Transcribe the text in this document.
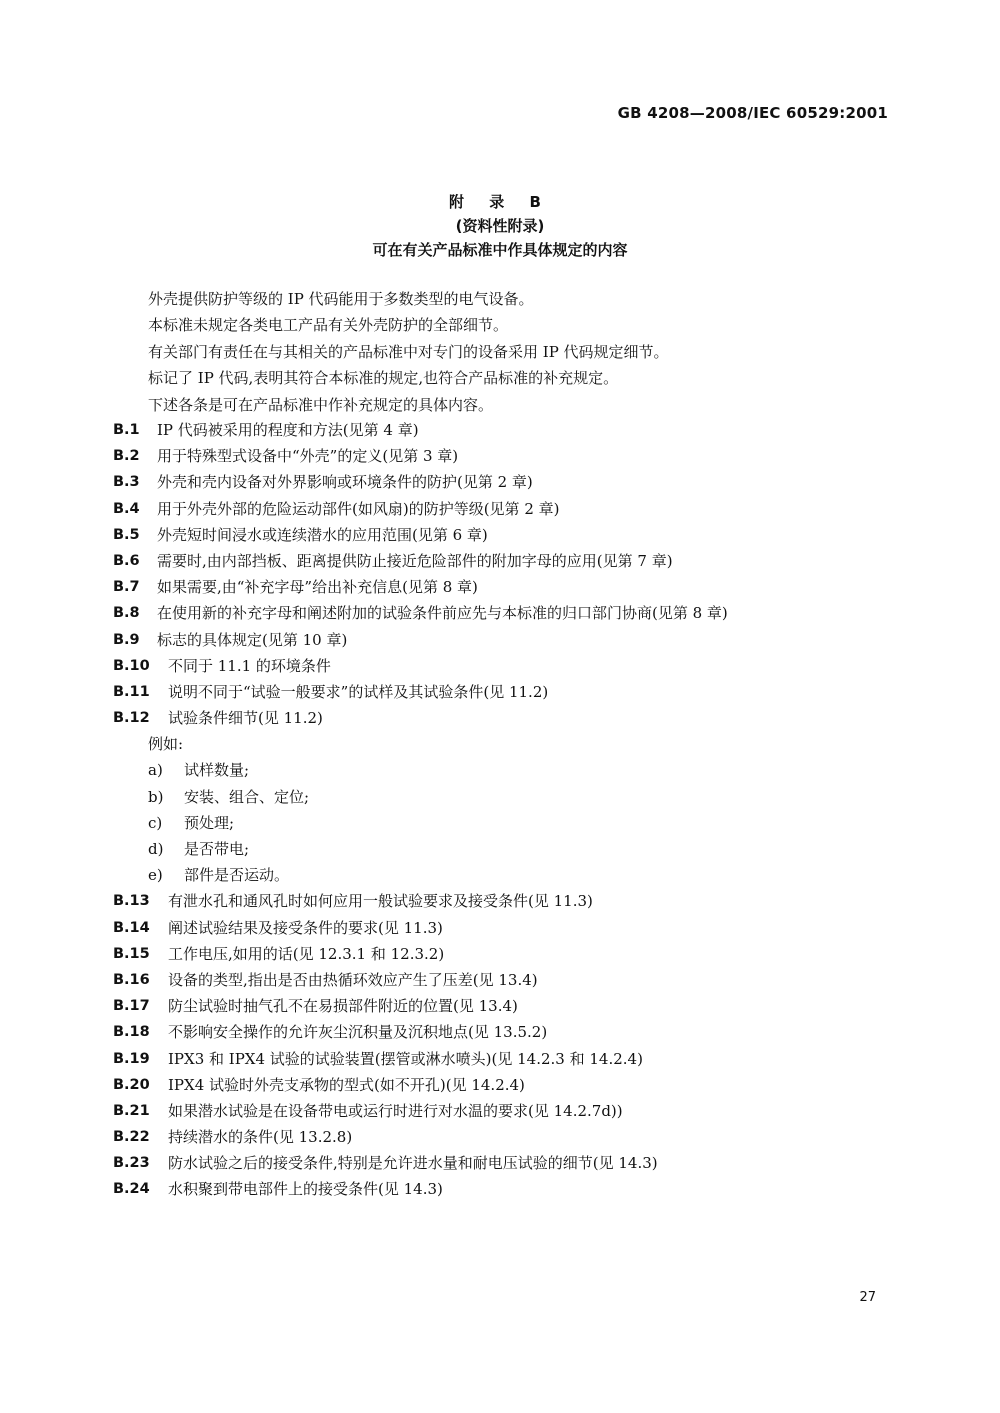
GB 4208—2008/IEC 60529:2001
附 录 B
(资料性附录)
可在有关产品标准中作具体规定的内容

外壳提供防护等级的 IP 代码能用于多数类型的电气设备。

本标准未规定各类电工产品有关外壳防护的全部细节。

有关部门有责任在与其相关的产品标准中对专门的设备采用 IP 代码规定细节。

标记了 IP 代码,表明其符合本标准的规定,也符合产品标准的补充规定。

下述各条是可在产品标准中作补充规定的具体内容。

B.1	IP 代码被采用的程度和方法(见第 4 章)
B.2	用于特殊型式设备中“外壳”的定义(见第 3 章)
B.3	外壳和壳内设备对外界影响或环境条件的防护(见第 2 章)
B.4	用于外壳外部的危险运动部件(如风扇)的防护等级(见第 2 章)
B.5	外壳短时间浸水或连续潜水的应用范围(见第 6 章)
B.6	需要时,由内部挡板、距离提供防止接近危险部件的附加字母的应用(见第 7 章)
B.7	如果需要,由“补充字母”给出补充信息(见第 8 章)
B.8	在使用新的补充字母和阐述附加的试验条件前应先与本标准的归口部门协商(见第 8 章)
B.9	标志的具体规定(见第 10 章)
B.10	不同于 11.1 的环境条件
B.11	说明不同于“试验一般要求”的试样及其试验条件(见 11.2)
B.12	试验条件细节(见 11.2)
例如:
a)	试样数量;
b)	安装、组合、定位;
c)	预处理;
d)	是否带电;
e)	部件是否运动。
B.13	有泄水孔和通风孔时如何应用一般试验要求及接受条件(见 11.3)
B.14	阐述试验结果及接受条件的要求(见 11.3)
B.15	工作电压,如用的话(见 12.3.1 和 12.3.2)
B.16	设备的类型,指出是否由热循环效应产生了压差(见 13.4)
B.17	防尘试验时抽气孔不在易损部件附近的位置(见 13.4)
B.18	不影响安全操作的允许灰尘沉积量及沉积地点(见 13.5.2)
B.19	IPX3 和 IPX4 试验的试验装置(摆管或淋水喷头)(见 14.2.3 和 14.2.4)
B.20	IPX4 试验时外壳支承物的型式(如不开孔)(见 14.2.4)
B.21	如果潜水试验是在设备带电或运行时进行对水温的要求(见 14.2.7d))
B.22	持续潜水的条件(见 13.2.8)
B.23	防水试验之后的接受条件,特别是允许进水量和耐电压试验的细节(见 14.3)
B.24	水积聚到带电部件上的接受条件(见 14.3)
27
